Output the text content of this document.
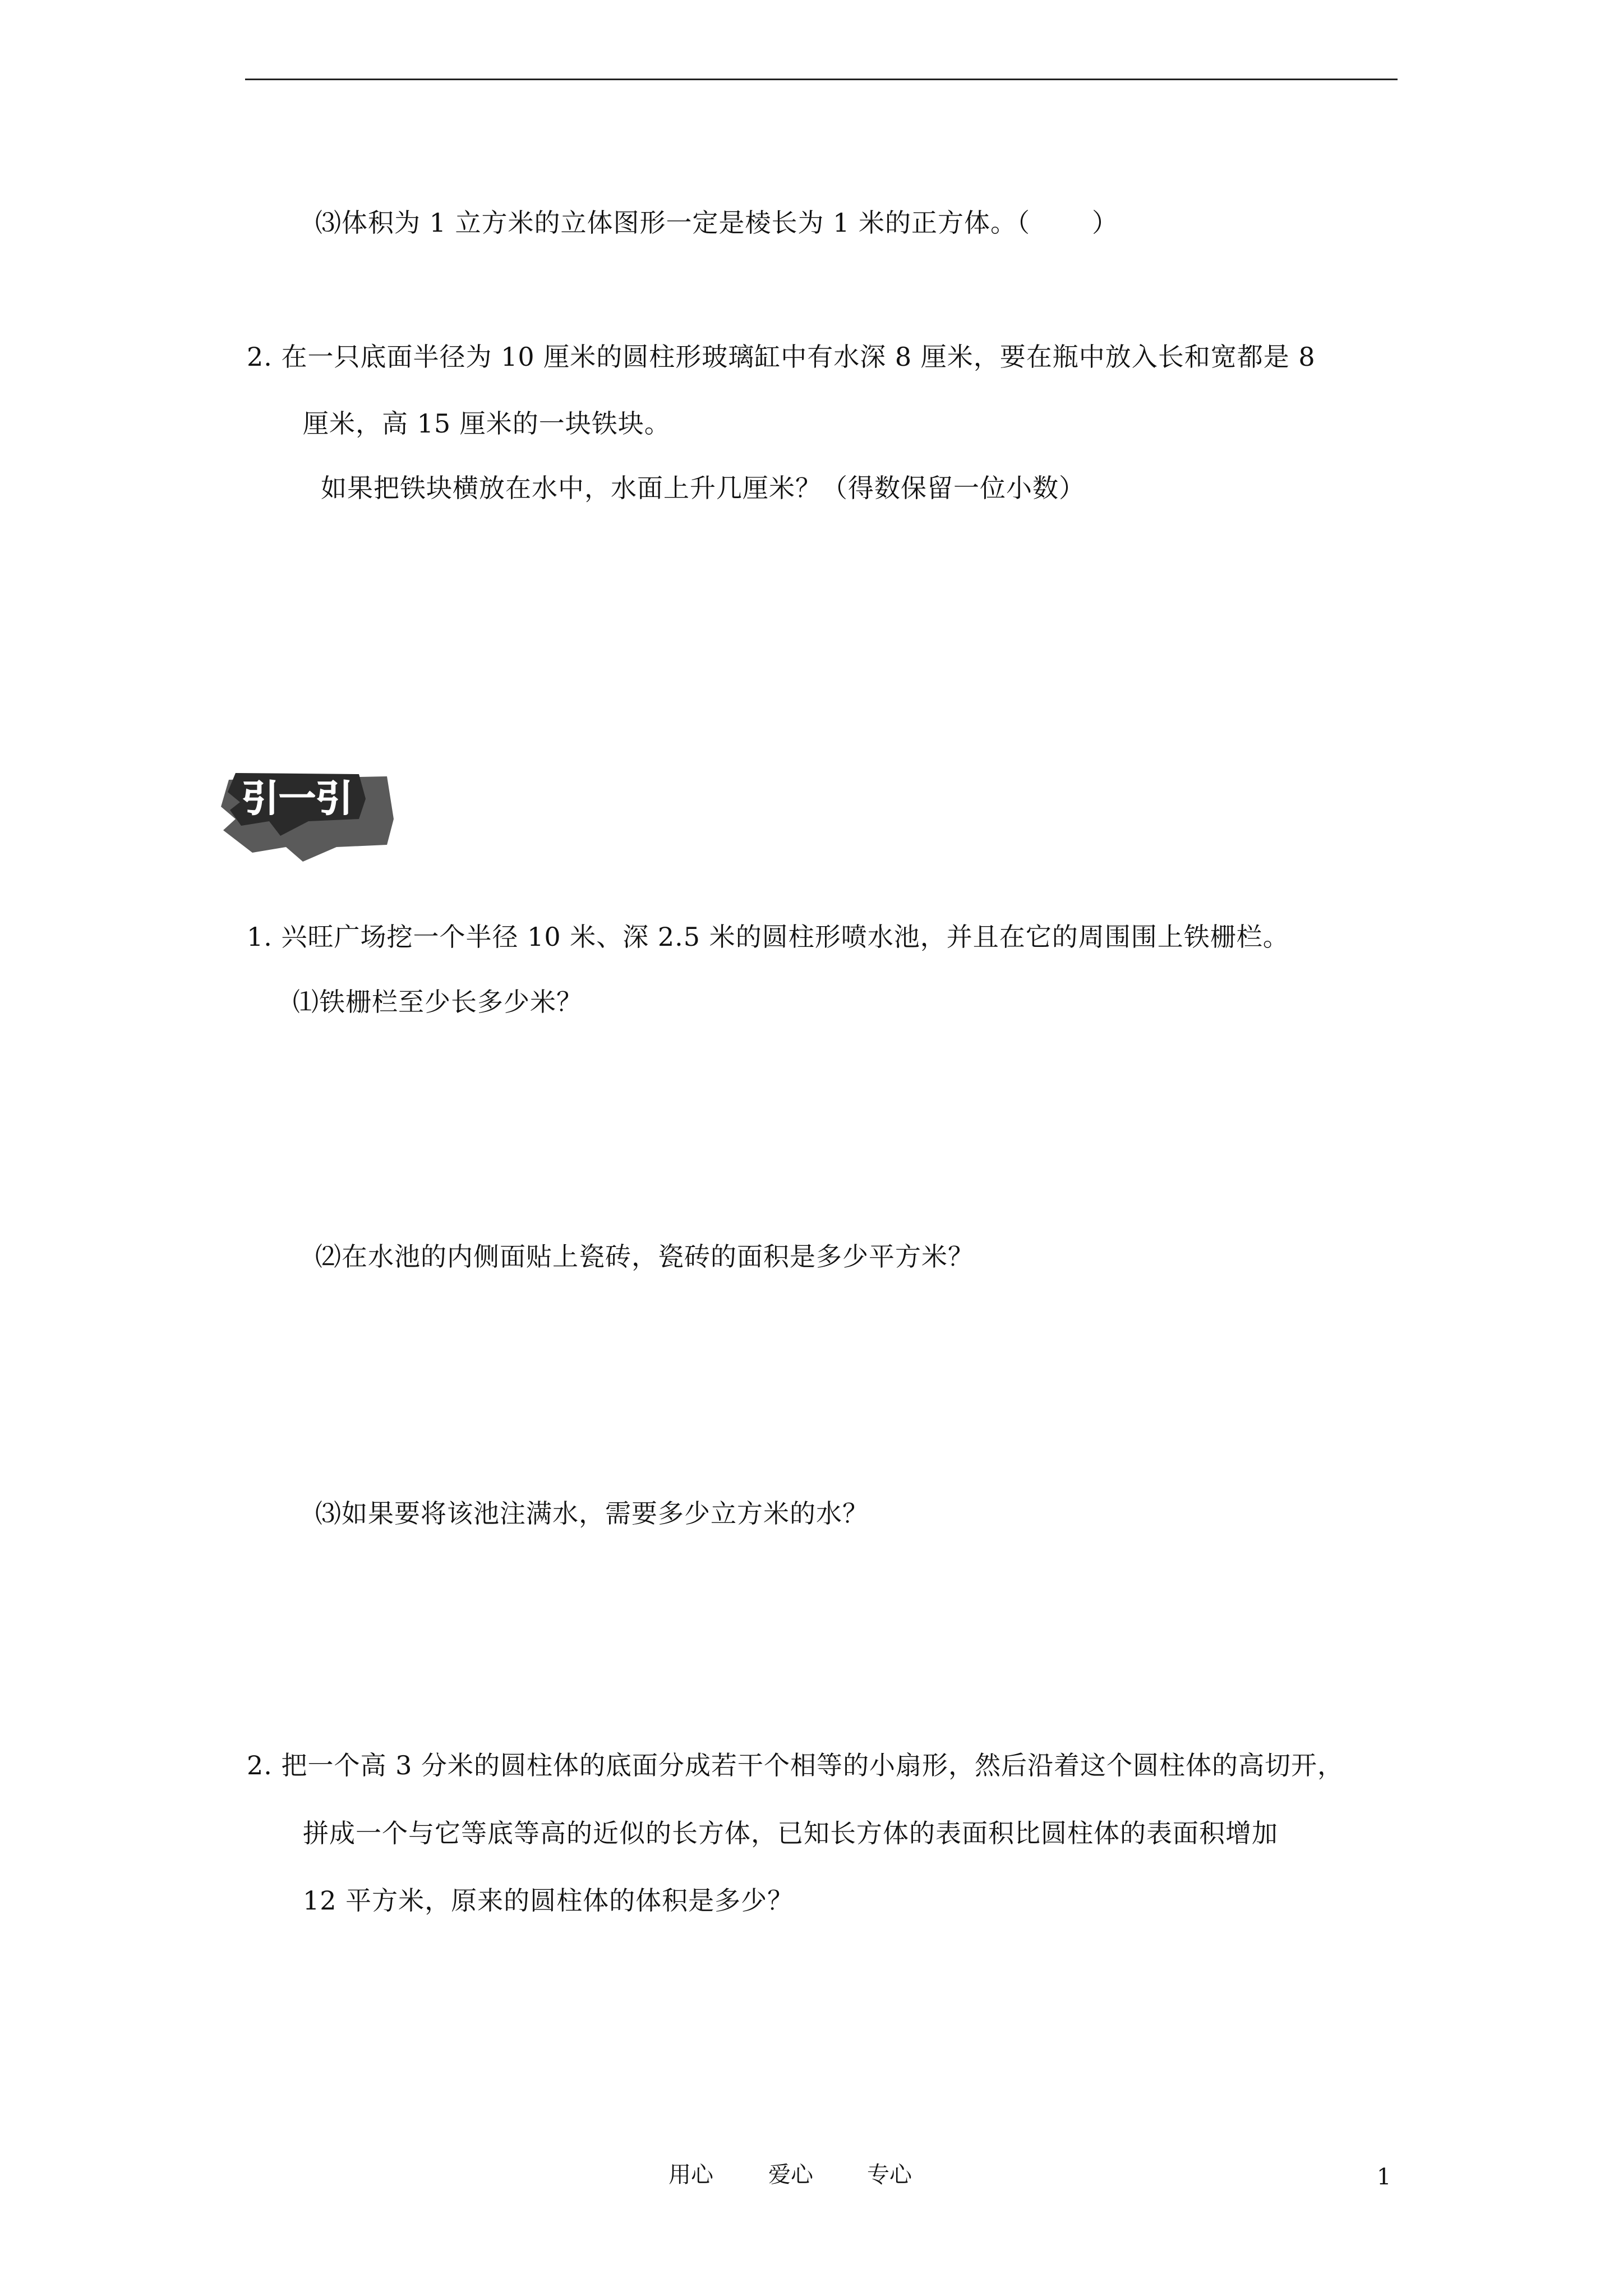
⑶体积为 1 立方米的立体图形一定是棱长为 1 米的正方体。（ ）
2. 在一只底面半径为 10 厘米的圆柱形玻璃缸中有水深 8 厘米，要在瓶中放入长和宽都是 8
厘米，高 15 厘米的一块铁块。
如果把铁块横放在水中，水面上升几厘米？（得数保留一位小数）
引一引
1. 兴旺广场挖一个半径 10 米、深 2.5 米的圆柱形喷水池，并且在它的周围围上铁栅栏。
⑴铁栅栏至少长多少米？
⑵在水池的内侧面贴上瓷砖，瓷砖的面积是多少平方米？
⑶如果要将该池注满水，需要多少立方米的水？
2. 把一个高 3 分米的圆柱体的底面分成若干个相等的小扇形，然后沿着这个圆柱体的高切开，
拼成一个与它等底等高的近似的长方体，已知长方体的表面积比圆柱体的表面积增加
12 平方米，原来的圆柱体的体积是多少？
用心 爱心 专心	1
